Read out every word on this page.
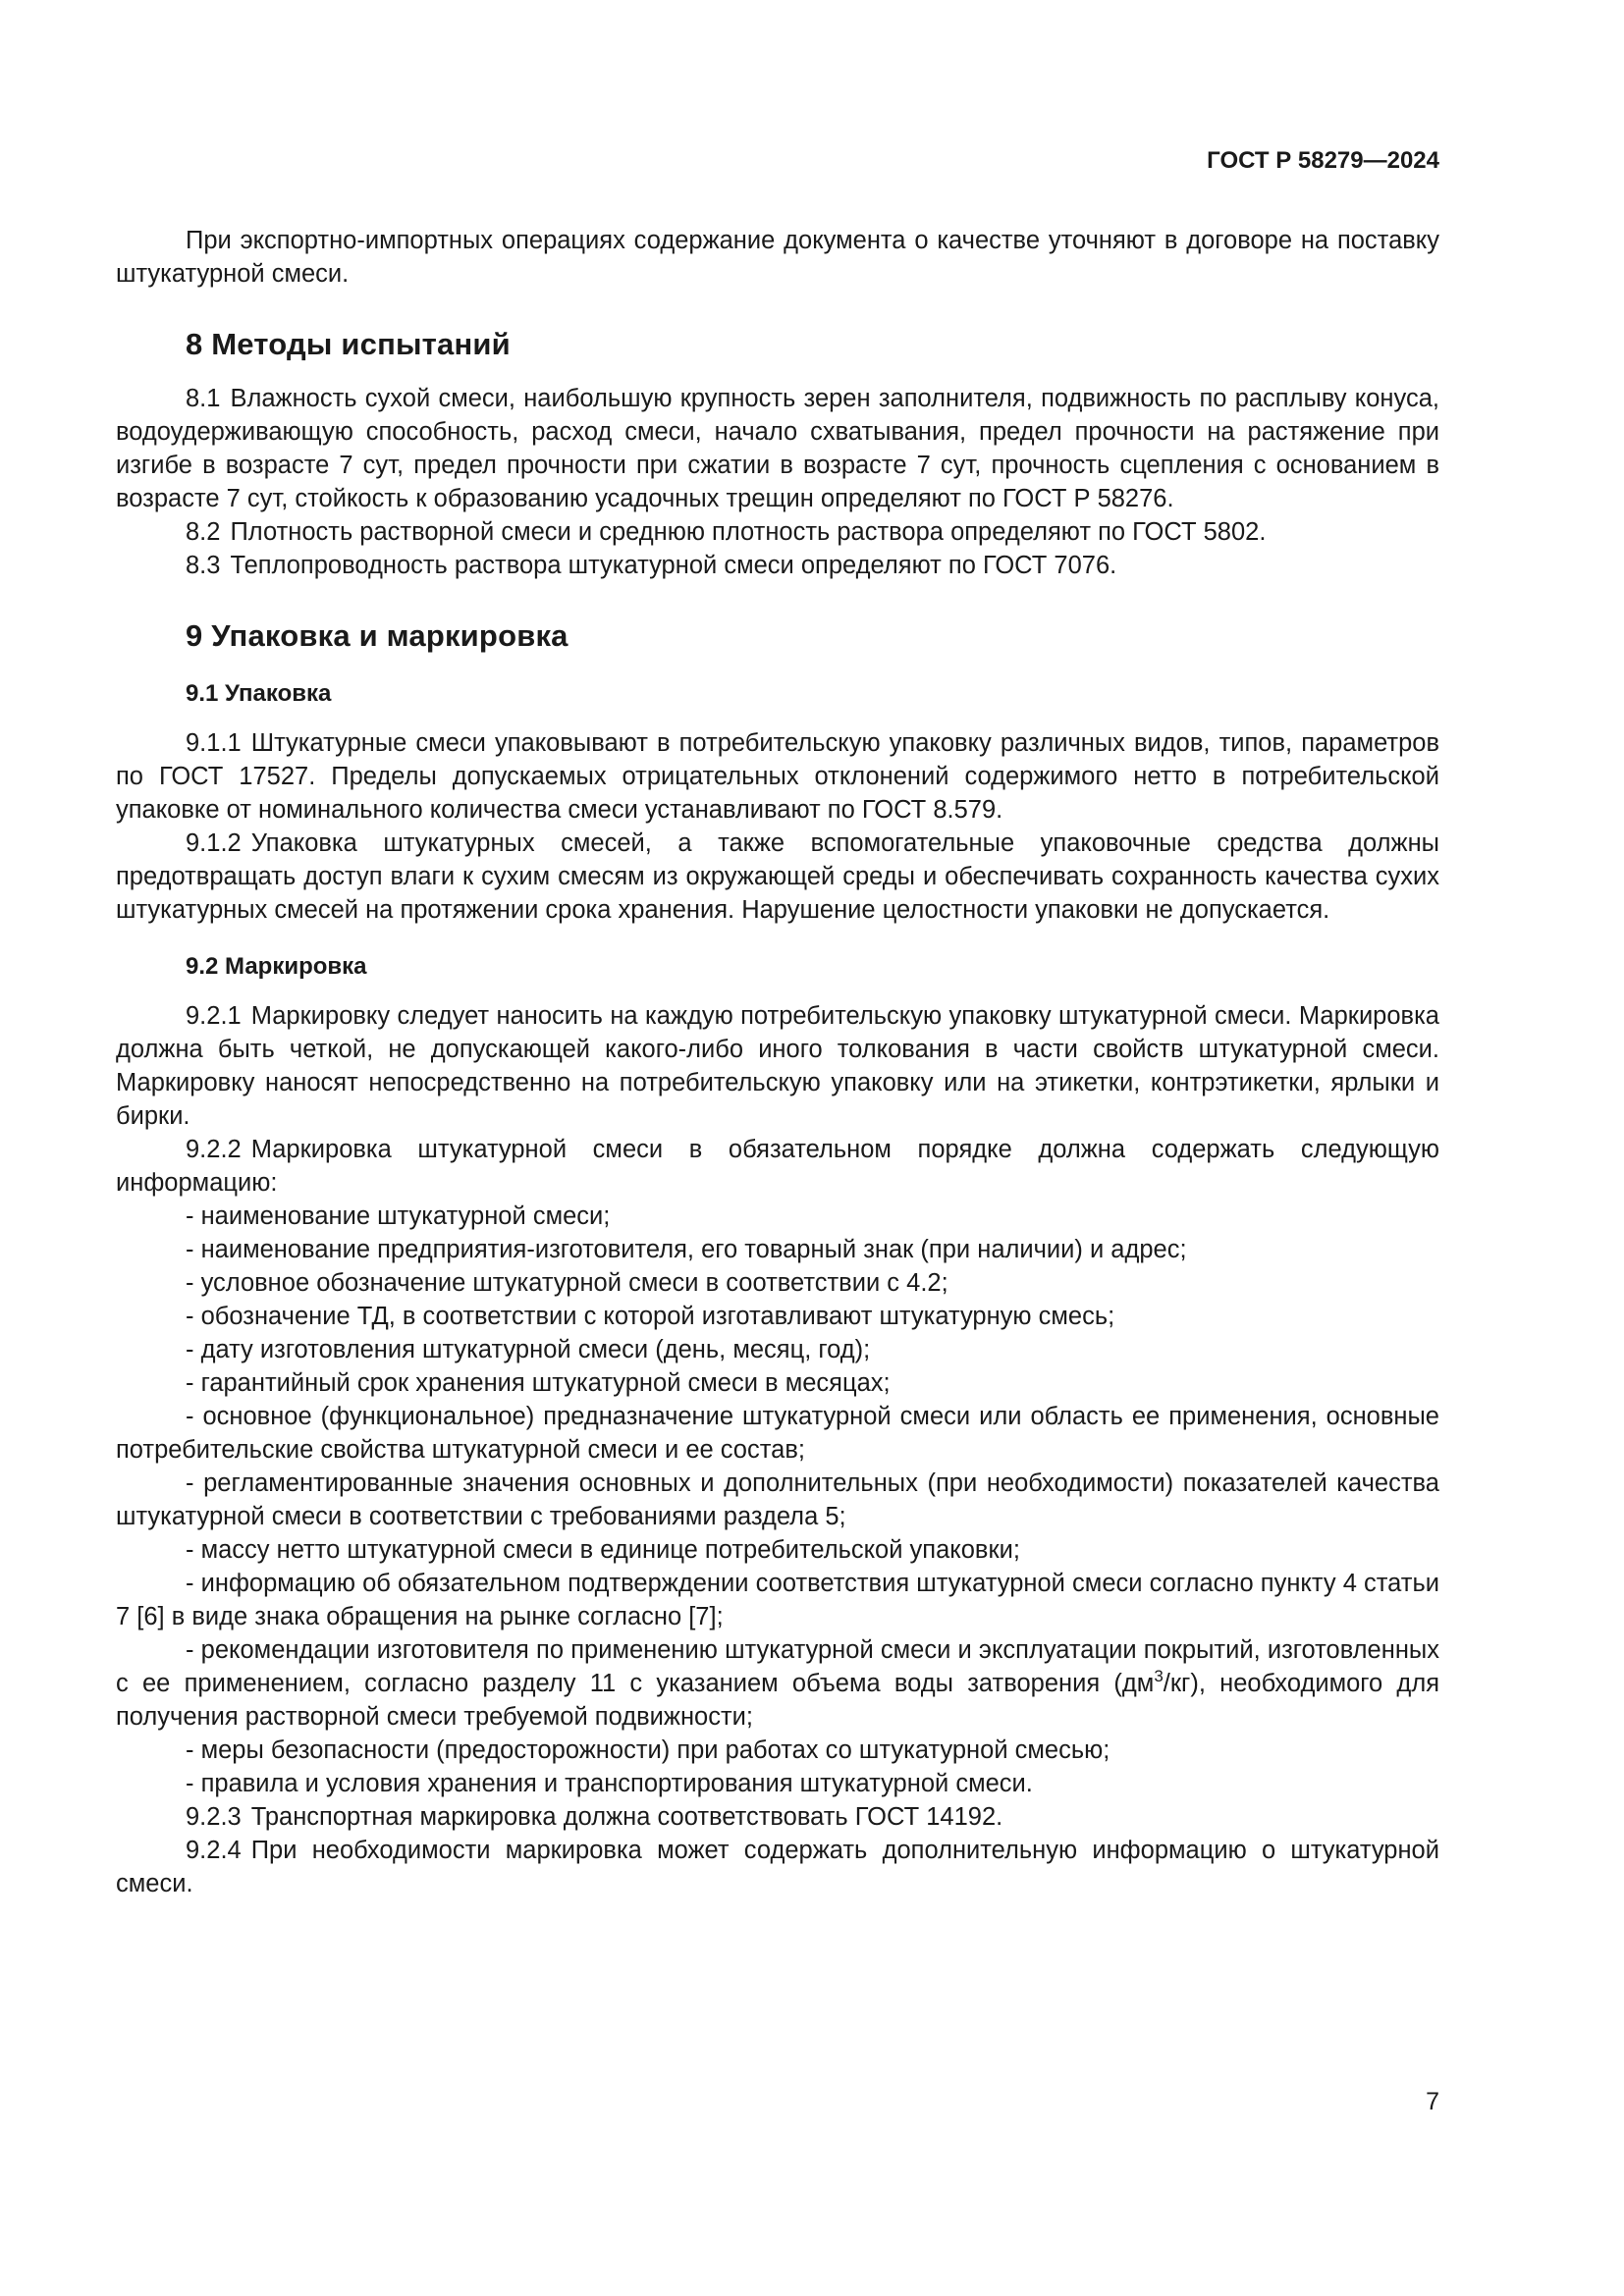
ГОСТ Р 58279—2024

При экспортно-импортных операциях содержание документа о качестве уточняют в договоре на поставку штукатурной смеси.

8 Методы испытаний

8.1 Влажность сухой смеси, наибольшую крупность зерен заполнителя, подвижность по расплыву конуса, водоудерживающую способность, расход смеси, начало схватывания, предел прочности на растяжение при изгибе в возрасте 7 сут, предел прочности при сжатии в возрасте 7 сут, прочность сцепления с основанием в возрасте 7 сут, стойкость к образованию усадочных трещин определяют по ГОСТ Р 58276.

8.2 Плотность растворной смеси и среднюю плотность раствора определяют по ГОСТ 5802.

8.3 Теплопроводность раствора штукатурной смеси определяют по ГОСТ 7076.

9 Упаковка и маркировка
9.1 Упаковка

9.1.1 Штукатурные смеси упаковывают в потребительскую упаковку различных видов, типов, параметров по ГОСТ 17527. Пределы допускаемых отрицательных отклонений содержимого нетто в потребительской упаковке от номинального количества смеси устанавливают по ГОСТ 8.579.

9.1.2 Упаковка штукатурных смесей, а также вспомогательные упаковочные средства должны предотвращать доступ влаги к сухим смесям из окружающей среды и обеспечивать сохранность качества сухих штукатурных смесей на протяжении срока хранения. Нарушение целостности упаковки не допускается.

9.2 Маркировка

9.2.1 Маркировку следует наносить на каждую потребительскую упаковку штукатурной смеси. Маркировка должна быть четкой, не допускающей какого-либо иного толкования в части свойств штукатурной смеси. Маркировку наносят непосредственно на потребительскую упаковку или на этикетки, контрэтикетки, ярлыки и бирки.

9.2.2 Маркировка штукатурной смеси в обязательном порядке должна содержать следующую информацию:

- наименование штукатурной смеси;

- наименование предприятия-изготовителя, его товарный знак (при наличии) и адрес;

- условное обозначение штукатурной смеси в соответствии с 4.2;

- обозначение ТД, в соответствии с которой изготавливают штукатурную смесь;

- дату изготовления штукатурной смеси (день, месяц, год);

- гарантийный срок хранения штукатурной смеси в месяцах;

- основное (функциональное) предназначение штукатурной смеси или область ее применения, основные потребительские свойства штукатурной смеси и ее состав;

- регламентированные значения основных и дополнительных (при необходимости) показателей качества штукатурной смеси в соответствии с требованиями раздела 5;

- массу нетто штукатурной смеси в единице потребительской упаковки;

- информацию об обязательном подтверждении соответствия штукатурной смеси согласно пункту 4 статьи 7 [6] в виде знака обращения на рынке согласно [7];

- рекомендации изготовителя по применению штукатурной смеси и эксплуатации покрытий, изготовленных с ее применением, согласно разделу 11 с указанием объема воды затворения $(дм^3/кг)$, необходимого для получения растворной смеси требуемой подвижности;

- меры безопасности (предосторожности) при работах со штукатурной смесью;

- правила и условия хранения и транспортирования штукатурной смеси.

9.2.3 Транспортная маркировка должна соответствовать ГОСТ 14192.

9.2.4 При необходимости маркировка может содержать дополнительную информацию о штукатурной смеси.

7
